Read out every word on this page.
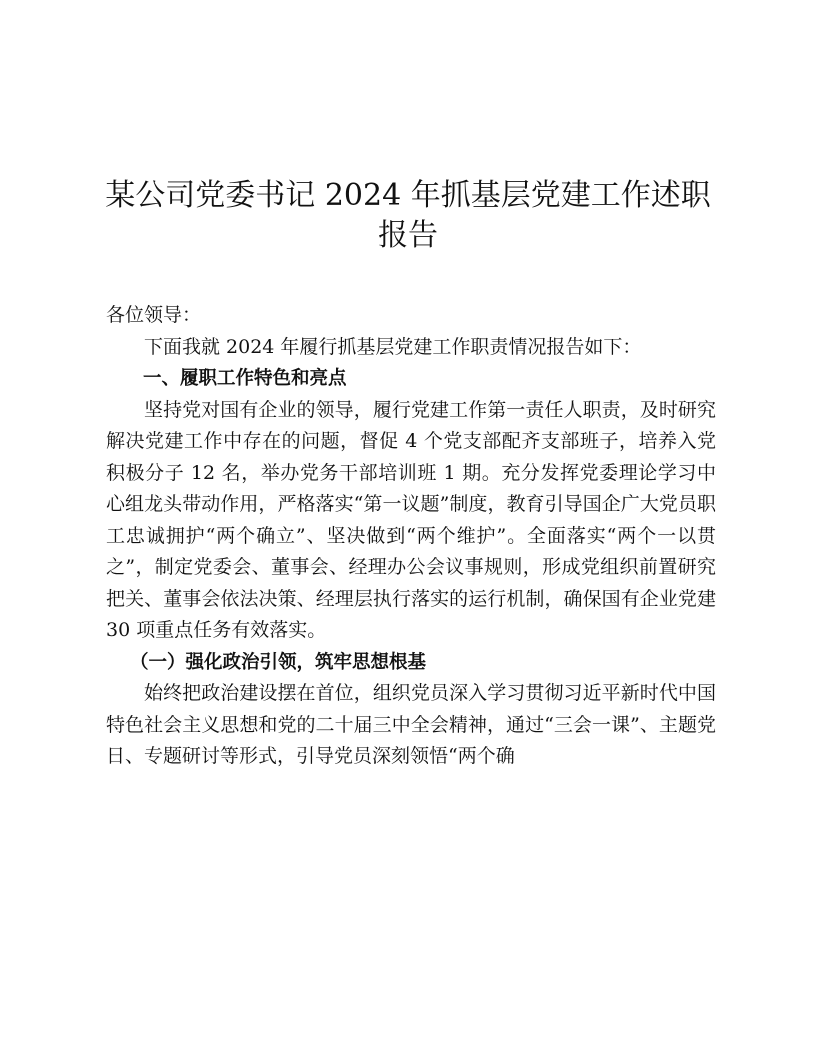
某公司党委书记 2024 年抓基层党建工作述职报告

各位领导：

下面我就 2024 年履行抓基层党建工作职责情况报告如下：

一、履职工作特色和亮点

坚持党对国有企业的领导，履行党建工作第一责任人职责，及时研究解决党建工作中存在的问题，督促 4 个党支部配齐支部班子，培养入党积极分子 12 名，举办党务干部培训班 1 期。充分发挥党委理论学习中心组龙头带动作用，严格落实“第一议题”制度，教育引导国企广大党员职工忠诚拥护“两个确立”、坚决做到“两个维护”。全面落实“两个一以贯之”，制定党委会、董事会、经理办公会议事规则，形成党组织前置研究把关、董事会依法决策、经理层执行落实的运行机制，确保国有企业党建 30 项重点任务有效落实。

（一）强化政治引领，筑牢思想根基

始终把政治建设摆在首位，组织党员深入学习贯彻习近平新时代中国特色社会主义思想和党的二十届三中全会精神，通过“三会一课”、主题党日、专题研讨等形式，引导党员深刻领悟“两个确
